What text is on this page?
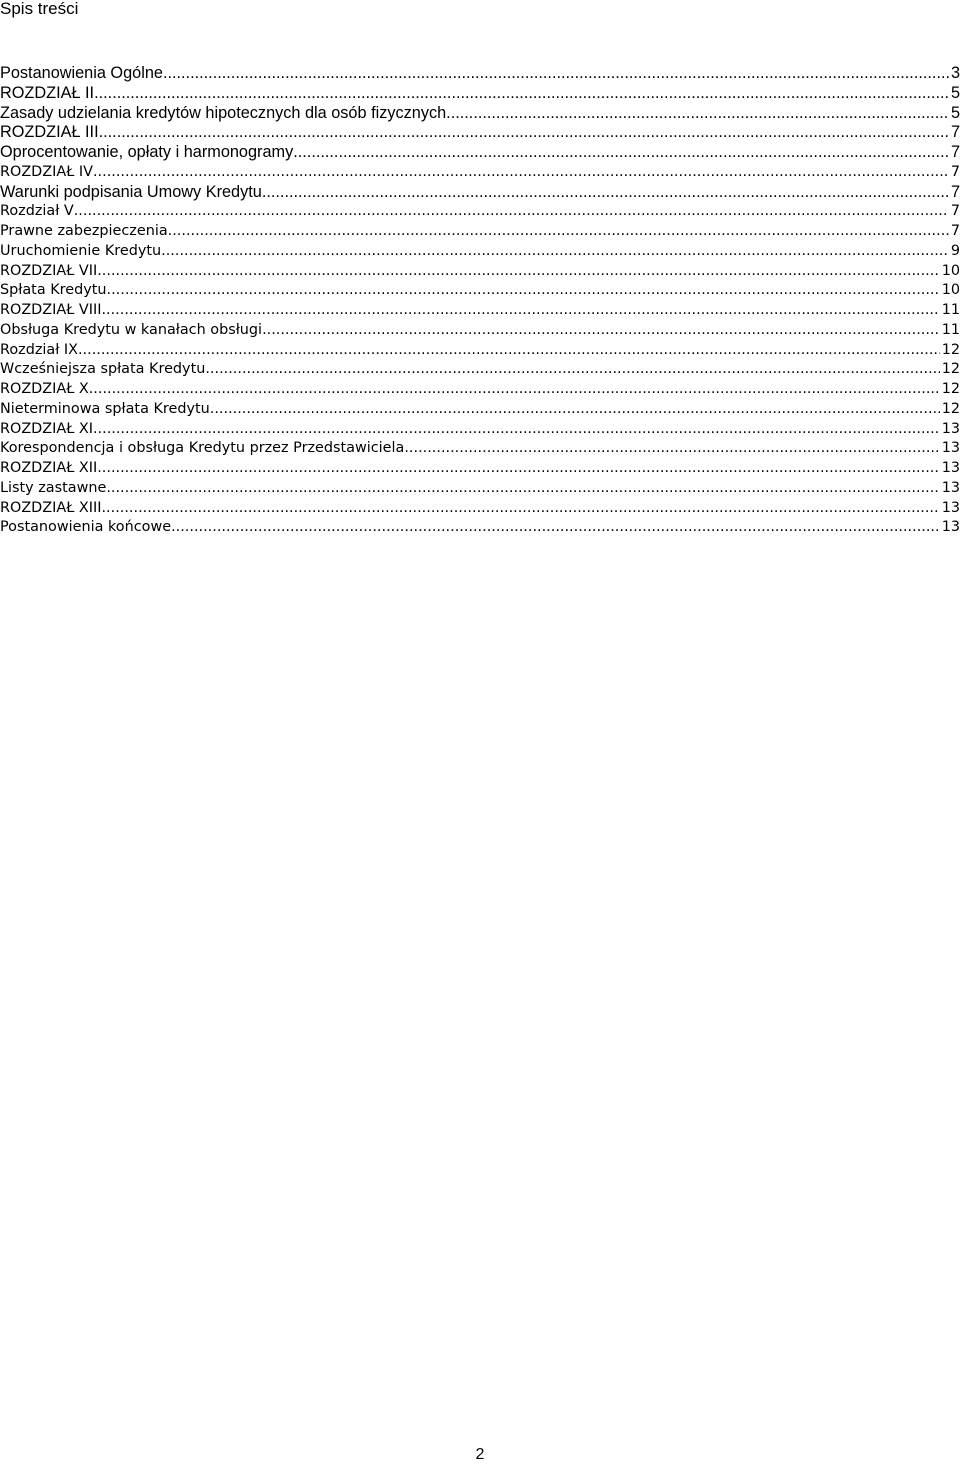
Spis treści
Postanowienia Ogólne .....	3
ROZDZIAŁ II .....	5
Zasady udzielania kredytów hipotecznych dla osób fizycznych .....	5
ROZDZIAŁ III .....	7
Oprocentowanie, opłaty i harmonogramy .....	7
ROZDZIAŁ IV .....	7
Warunki podpisania Umowy Kredytu .....	7
Rozdział V .....	7
Prawne zabezpieczenia .....	7
Uruchomienie Kredytu .....	9
ROZDZIAŁ VII .....	10
Spłata Kredytu .....	10
ROZDZIAŁ VIII .....	11
Obsługa Kredytu w kanałach obsługi .....	11
Rozdział IX .....	12
Wcześniejsza spłata Kredytu .....	12
ROZDZIAŁ X .....	12
Nieterminowa spłata Kredytu .....	12
ROZDZIAŁ XI .....	13
Korespondencja i obsługa Kredytu przez Przedstawiciela .....	13
ROZDZIAŁ XII .....	13
Listy zastawne .....	13
ROZDZIAŁ XIII .....	13
Postanowienia końcowe .....	13
2
